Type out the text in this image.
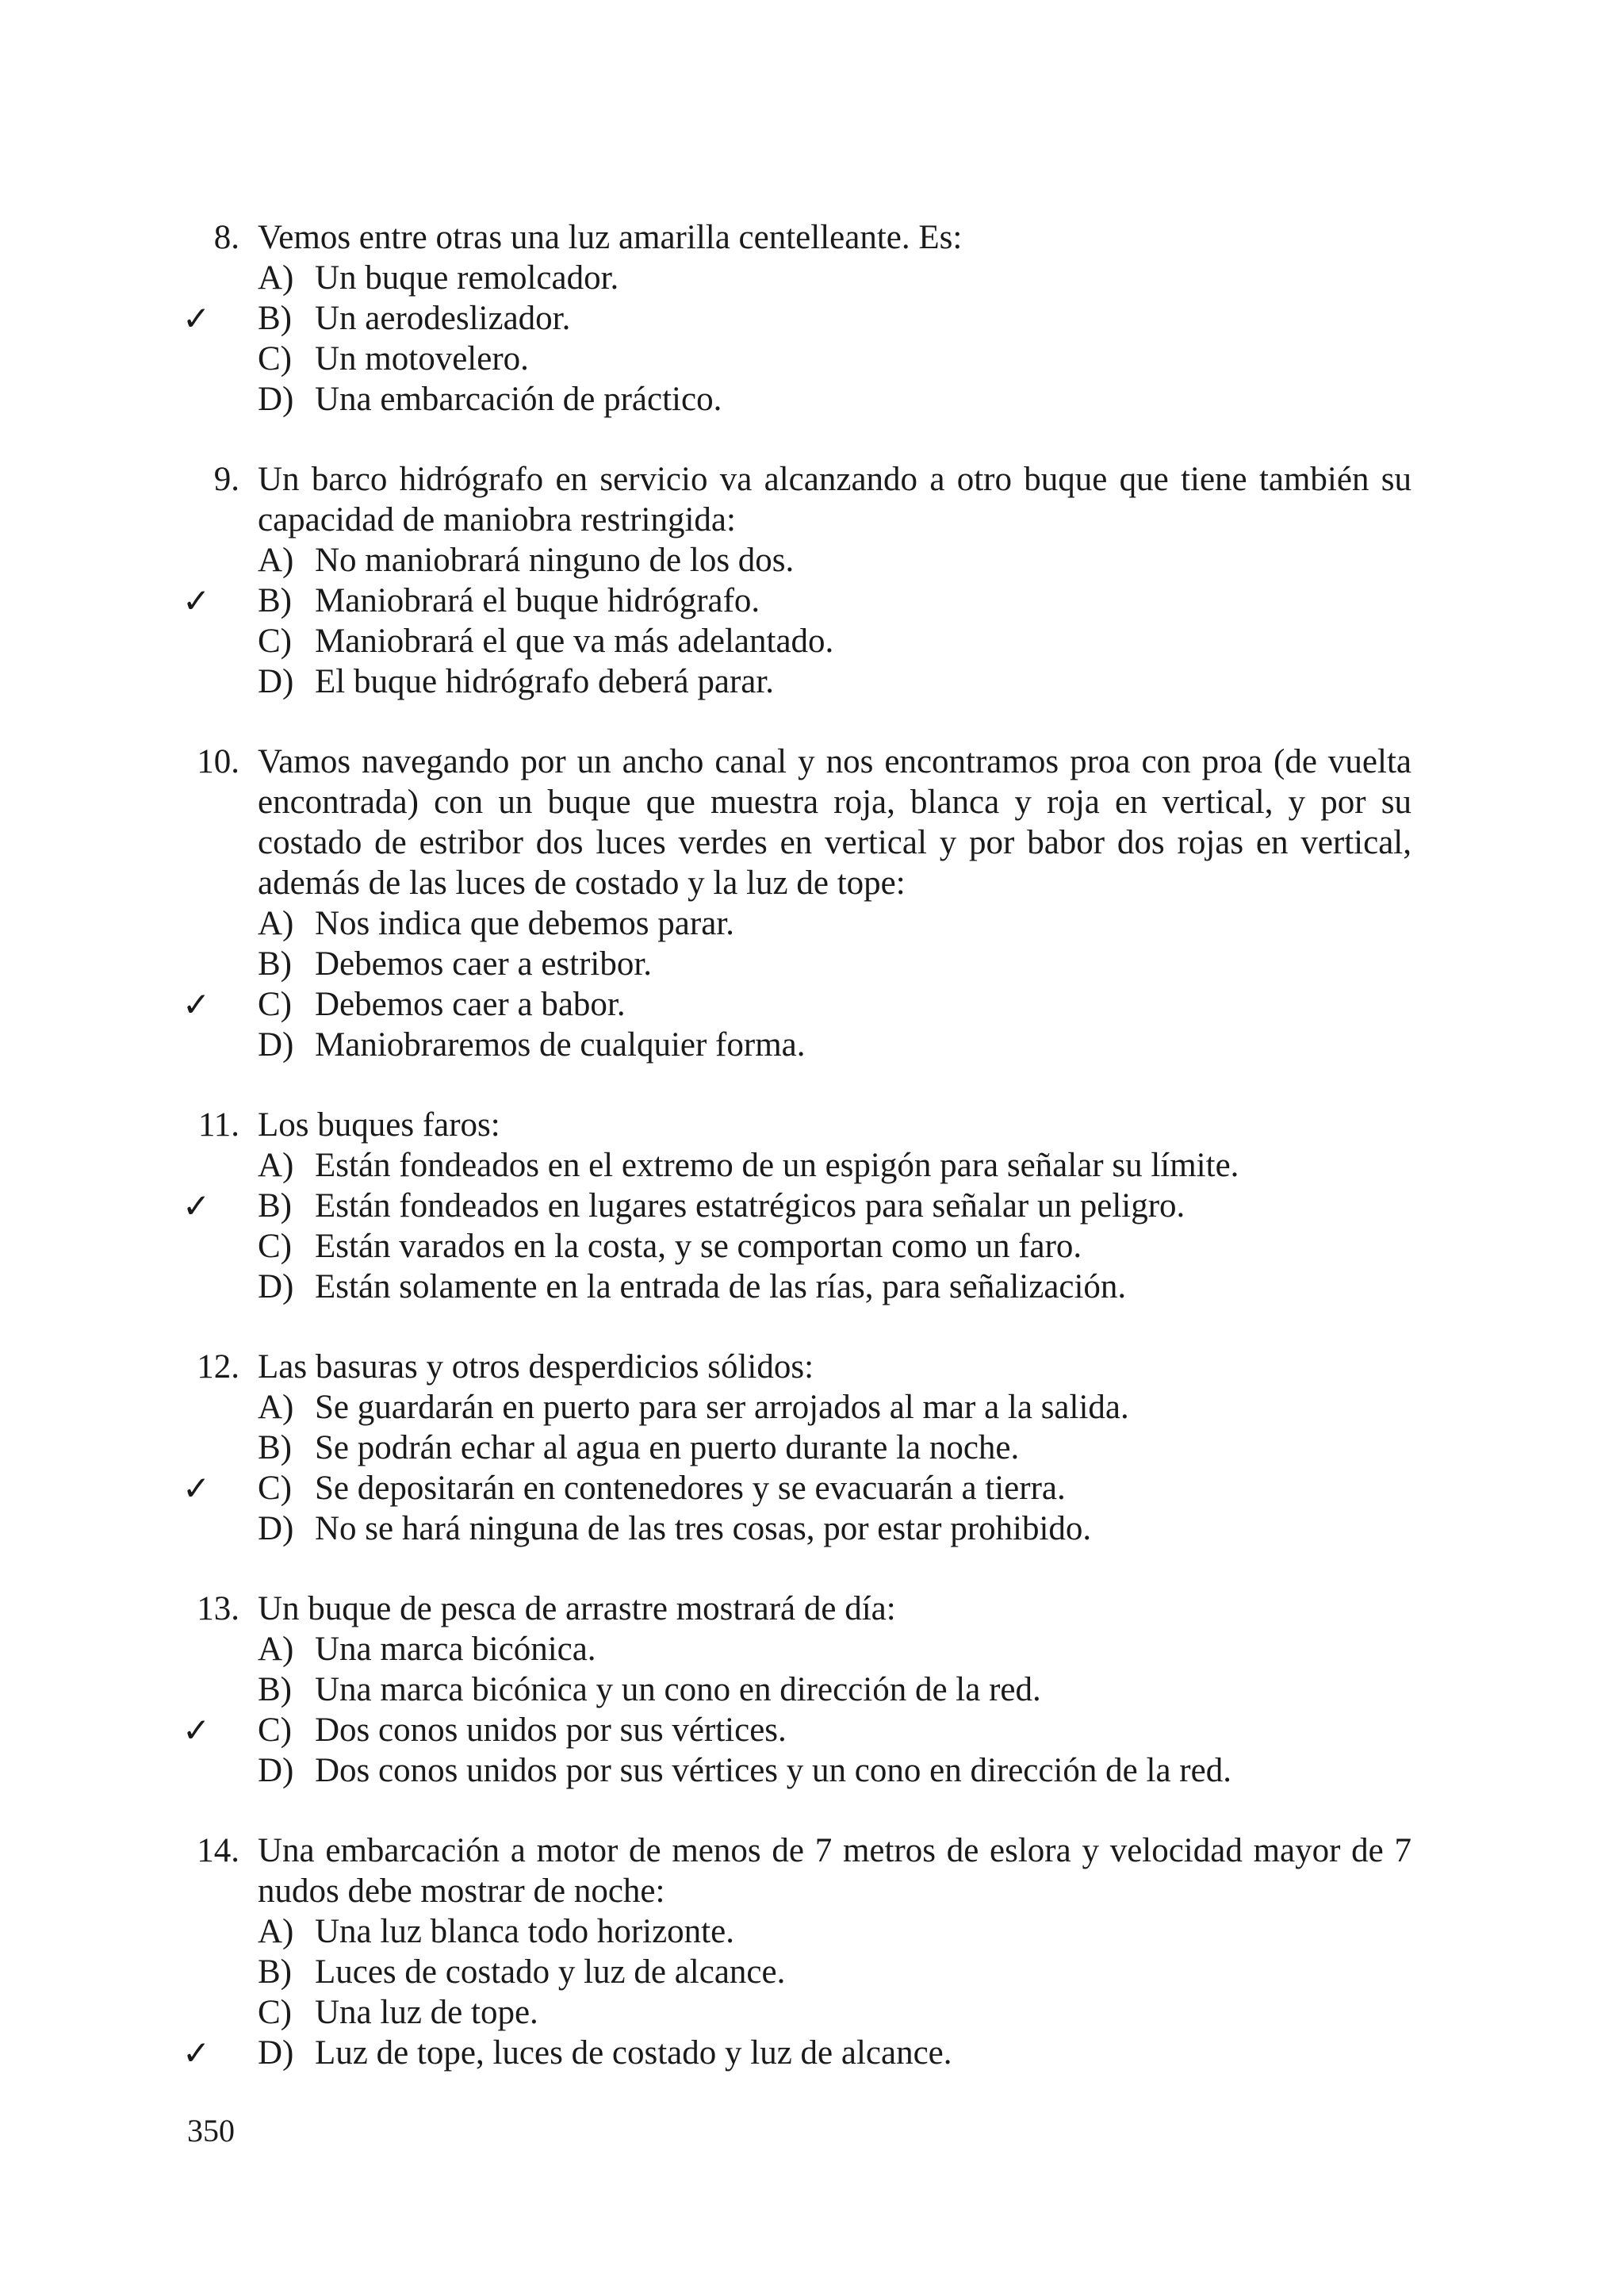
8. Vemos entre otras una luz amarilla centelleante. Es:
A) Un buque remolcador.
✓	B) Un aerodeslizador.
C) Un motovelero.
D) Una embarcación de práctico.
9. Un barco hidrógrafo en servicio va alcanzando a otro buque que tiene también su capacidad de maniobra restringida:
A) No maniobrará ninguno de los dos.
✓	B) Maniobrará el buque hidrógrafo.
C) Maniobrará el que va más adelantado.
D) El buque hidrógrafo deberá parar.
10. Vamos navegando por un ancho canal y nos encontramos proa con proa (de vuelta encontrada) con un buque que muestra roja, blanca y roja en vertical, y por su costado de estribor dos luces verdes en vertical y por babor dos rojas en vertical, además de las luces de costado y la luz de tope:
A) Nos indica que debemos parar.
B) Debemos caer a estribor.
✓	C) Debemos caer a babor.
D) Maniobraremos de cualquier forma.
11. Los buques faros:
A) Están fondeados en el extremo de un espigón para señalar su límite.
✓	B) Están fondeados en lugares estatrégicos para señalar un peligro.
C) Están varados en la costa, y se comportan como un faro.
D) Están solamente en la entrada de las rías, para señalización.
12. Las basuras y otros desperdicios sólidos:
A) Se guardarán en puerto para ser arrojados al mar a la salida.
B) Se podrán echar al agua en puerto durante la noche.
✓	C) Se depositarán en contenedores y se evacuarán a tierra.
D) No se hará ninguna de las tres cosas, por estar prohibido.
13. Un buque de pesca de arrastre mostrará de día:
A) Una marca bicónica.
B) Una marca bicónica y un cono en dirección de la red.
✓	C) Dos conos unidos por sus vértices.
D) Dos conos unidos por sus vértices y un cono en dirección de la red.
14. Una embarcación a motor de menos de 7 metros de eslora y velocidad mayor de 7 nudos debe mostrar de noche:
A) Una luz blanca todo horizonte.
B) Luces de costado y luz de alcance.
C) Una luz de tope.
✓	D) Luz de tope, luces de costado y luz de alcance.
350
